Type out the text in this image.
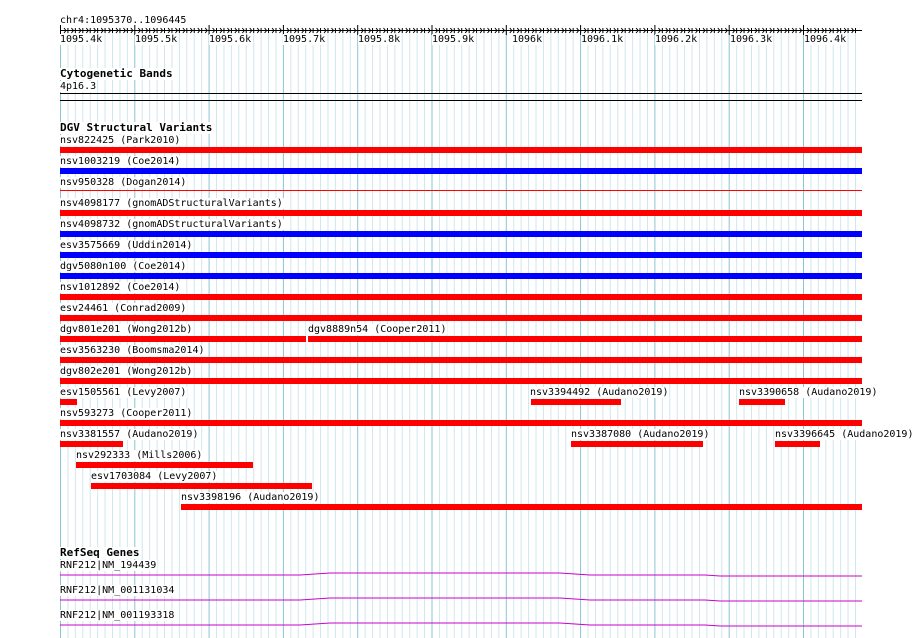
chr4:1095370..1096445
1095.4k	1095.5k	1095.6k	1095.7k	1095.8k	1095.9k	1096k	1096.1k	1096.2k	1096.3k	1096.4k
Cytogenetic Bands
4p16.3
DGV Structural Variants
nsv822425 (Park2010)
nsv1003219 (Coe2014)
nsv950328 (Dogan2014)
nsv4098177 (gnomADStructuralVariants)
nsv4098732 (gnomADStructuralVariants)
esv3575669 (Uddin2014)
dgv5080n100 (Coe2014)
nsv1012892 (Coe2014)
esv24461 (Conrad2009)
dgv801e201 (Wong2012b)	dgv8889n54 (Cooper2011)
esv3563230 (Boomsma2014)
dgv802e201 (Wong2012b)
esv1505561 (Levy2007)	nsv3394492 (Audano2019)	nsv3390658 (Audano2019)
nsv593273 (Cooper2011)
nsv3381557 (Audano2019)	nsv3387080 (Audano2019)	nsv3396645 (Audano2019)
nsv292333 (Mills2006)
esv1703084 (Levy2007)
nsv3398196 (Audano2019)
RefSeq Genes
RNF212|NM_194439
RNF212|NM_001131034
RNF212|NM_001193318
